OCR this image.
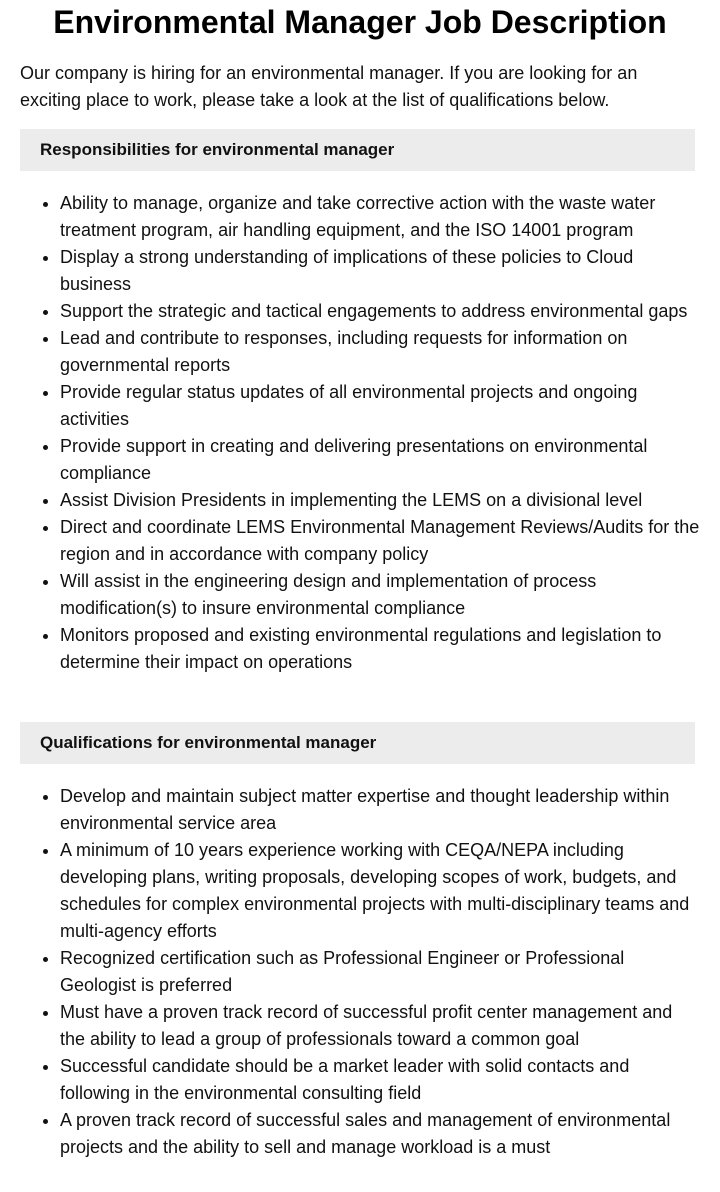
Environmental Manager Job Description

Our company is hiring for an environmental manager. If you are looking for an exciting place to work, please take a look at the list of qualifications below.

Responsibilities for environmental manager
• Ability to manage, organize and take corrective action with the waste water treatment program, air handling equipment, and the ISO 14001 program
• Display a strong understanding of implications of these policies to Cloud business
• Support the strategic and tactical engagements to address environmental gaps
• Lead and contribute to responses, including requests for information on governmental reports
• Provide regular status updates of all environmental projects and ongoing activities
• Provide support in creating and delivering presentations on environmental compliance
• Assist Division Presidents in implementing the LEMS on a divisional level
• Direct and coordinate LEMS Environmental Management Reviews/Audits for the region and in accordance with company policy
• Will assist in the engineering design and implementation of process modification(s) to insure environmental compliance
• Monitors proposed and existing environmental regulations and legislation to determine their impact on operations
Qualifications for environmental manager
• Develop and maintain subject matter expertise and thought leadership within environmental service area
• A minimum of 10 years experience working with CEQA/NEPA including developing plans, writing proposals, developing scopes of work, budgets, and schedules for complex environmental projects with multi-disciplinary teams and multi-agency efforts
• Recognized certification such as Professional Engineer or Professional Geologist is preferred
• Must have a proven track record of successful profit center management and the ability to lead a group of professionals toward a common goal
• Successful candidate should be a market leader with solid contacts and following in the environmental consulting field
• A proven track record of successful sales and management of environmental projects and the ability to sell and manage workload is a must
